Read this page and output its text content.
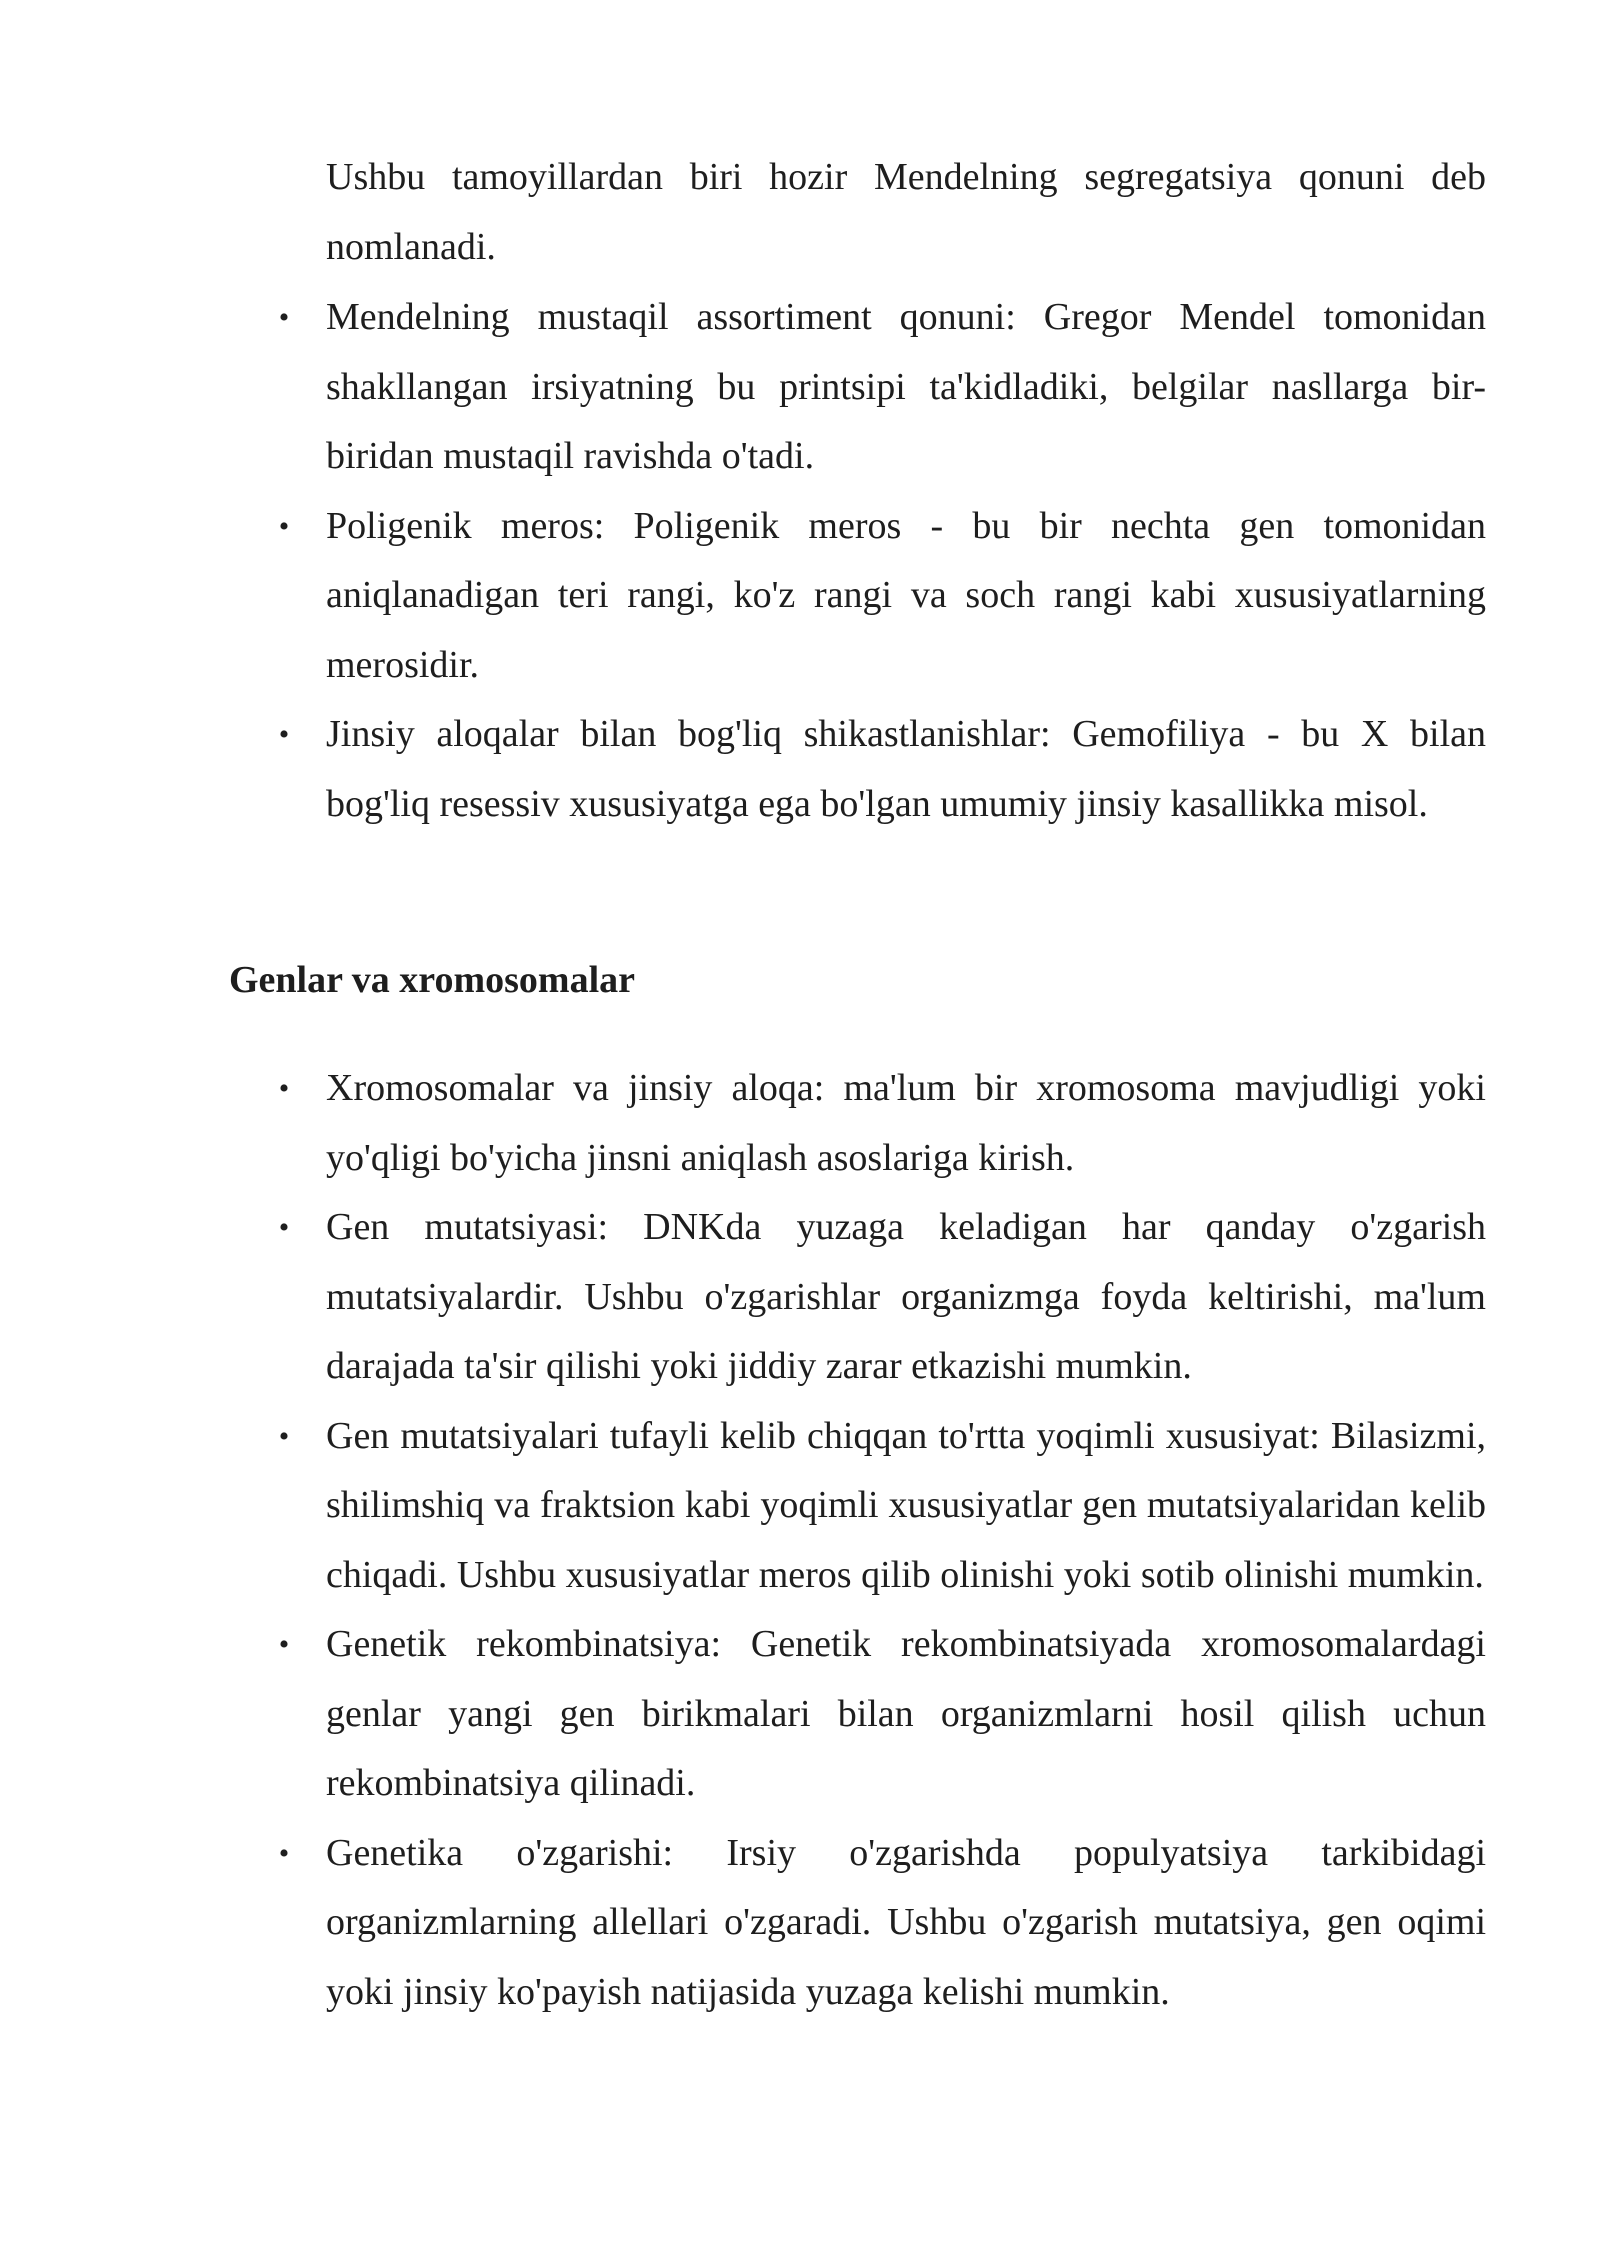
Ushbu tamoyillardan biri hozir Mendelning segregatsiya qonuni deb nomlanadi.

• Mendelning mustaqil assortiment qonuni: Gregor Mendel tomonidan shakllangan irsiyatning bu printsipi ta'kidladiki, belgilar nasllarga bir-biridan mustaqil ravishda o'tadi.
• Poligenik meros: Poligenik meros - bu bir nechta gen tomonidan aniqlanadigan teri rangi, ko'z rangi va soch rangi kabi xususiyatlarning merosidir.
• Jinsiy aloqalar bilan bog'liq shikastlanishlar: Gemofiliya - bu X bilan bog'liq resessiv xususiyatga ega bo'lgan umumiy jinsiy kasallikka misol.
Genlar va xromosomalar
• Xromosomalar va jinsiy aloqa: ma'lum bir xromosoma mavjudligi yoki yo'qligi bo'yicha jinsni aniqlash asoslariga kirish.
• Gen mutatsiyasi: DNKda yuzaga keladigan har qanday o'zgarish mutatsiyalardir. Ushbu o'zgarishlar organizmga foyda keltirishi, ma'lum darajada ta'sir qilishi yoki jiddiy zarar etkazishi mumkin.
• Gen mutatsiyalari tufayli kelib chiqqan to'rtta yoqimli xususiyat: Bilasizmi, shilimshiq va fraktsion kabi yoqimli xususiyatlar gen mutatsiyalaridan kelib chiqadi. Ushbu xususiyatlar meros qilib olinishi yoki sotib olinishi mumkin.
• Genetik rekombinatsiya: Genetik rekombinatsiyada xromosomalardagi genlar yangi gen birikmalari bilan organizmlarni hosil qilish uchun rekombinatsiya qilinadi.
• Genetika o'zgarishi: Irsiy o'zgarishda populyatsiya tarkibidagi organizmlarning allellari o'zgaradi. Ushbu o'zgarish mutatsiya, gen oqimi yoki jinsiy ko'payish natijasida yuzaga kelishi mumkin.
